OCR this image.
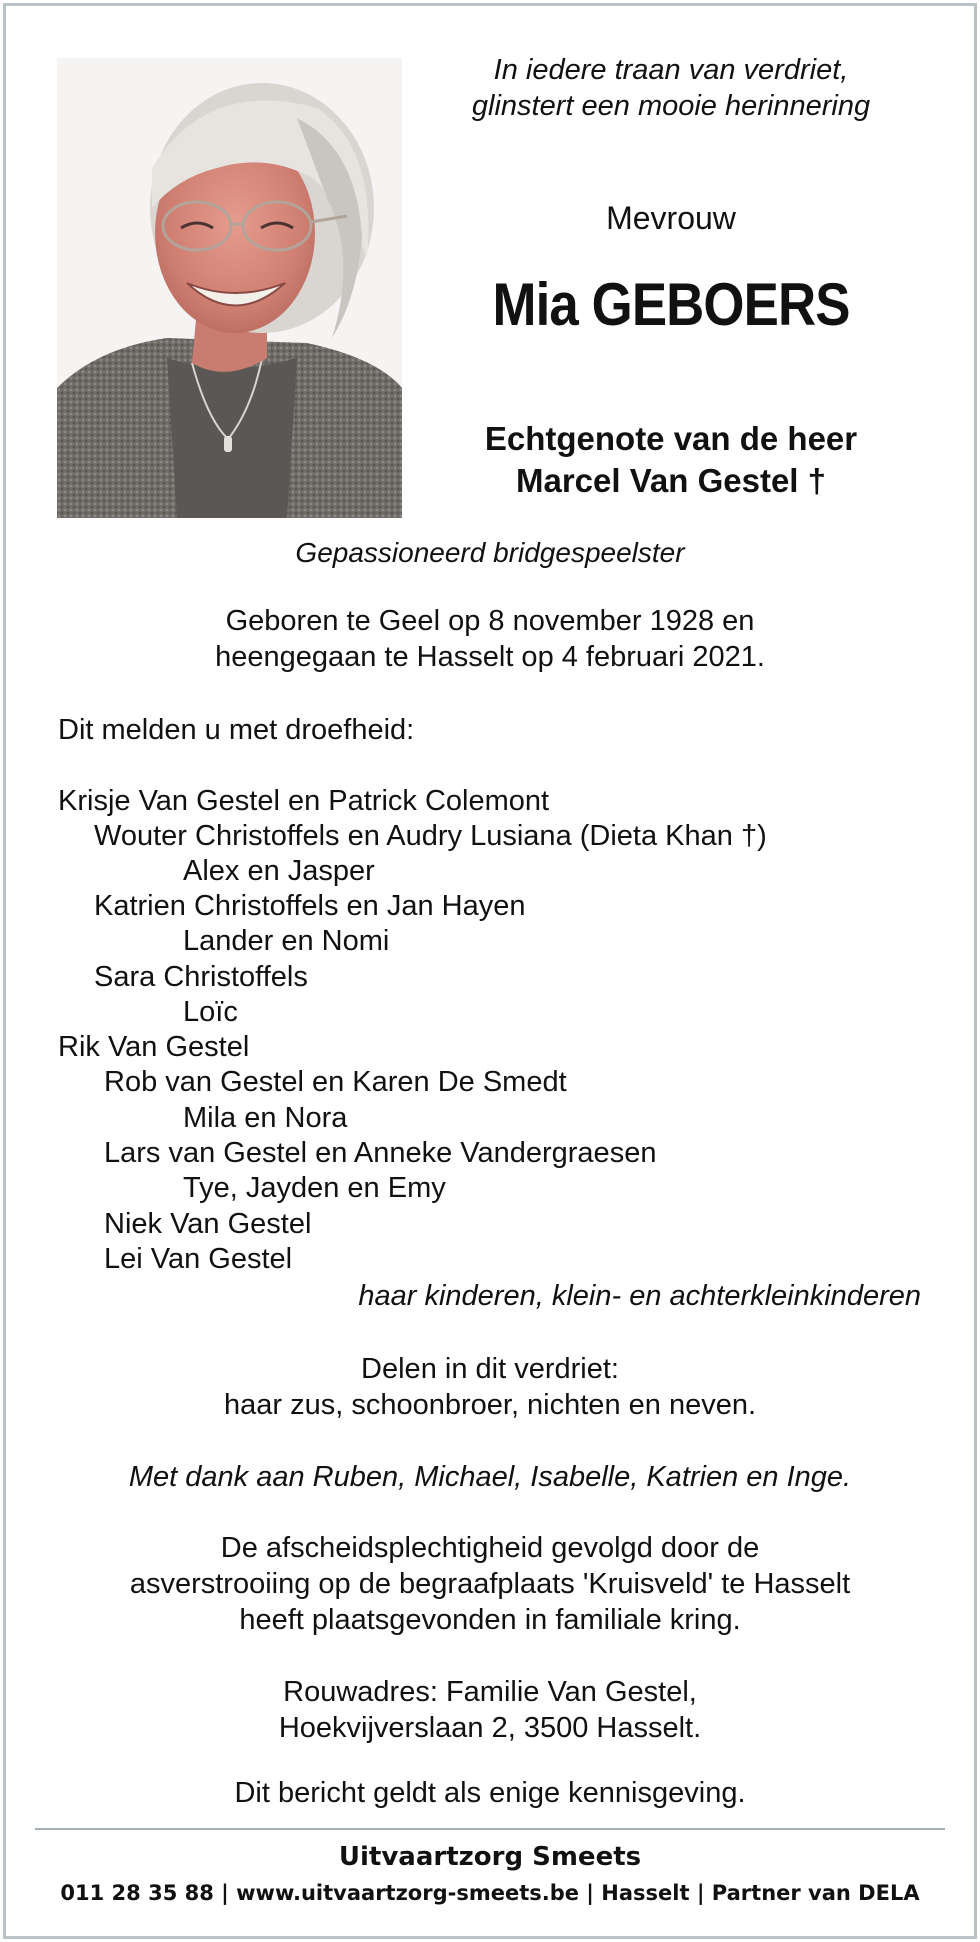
In iedere traan van verdriet,
glinstert een mooie herinnering
Mevrouw
Mia GEBOERS
Echtgenote van de heer
Marcel Van Gestel †
Gepassioneerd bridgespeelster
Geboren te Geel op 8 november 1928 en
heengegaan te Hasselt op 4 februari 2021.
Dit melden u met droefheid:
Krisje Van Gestel en Patrick Colemont
Wouter Christoffels en Audry Lusiana (Dieta Khan †)
Alex en Jasper
Katrien Christoffels en Jan Hayen
Lander en Nomi
Sara Christoffels
Loïc
Rik Van Gestel
Rob van Gestel en Karen De Smedt
Mila en Nora
Lars van Gestel en Anneke Vandergraesen
Tye, Jayden en Emy
Niek Van Gestel
Lei Van Gestel
haar kinderen, klein- en achterkleinkinderen
Delen in dit verdriet:
haar zus, schoonbroer, nichten en neven.
Met dank aan Ruben, Michael, Isabelle, Katrien en Inge.
De afscheidsplechtigheid gevolgd door de
asverstrooiing op de begraafplaats 'Kruisveld' te Hasselt
heeft plaatsgevonden in familiale kring.
Rouwadres: Familie Van Gestel,
Hoekvijverslaan 2, 3500 Hasselt.
Dit bericht geldt als enige kennisgeving.
Uitvaartzorg Smeets
011 28 35 88 | www.uitvaartzorg-smeets.be | Hasselt | Partner van DELA
